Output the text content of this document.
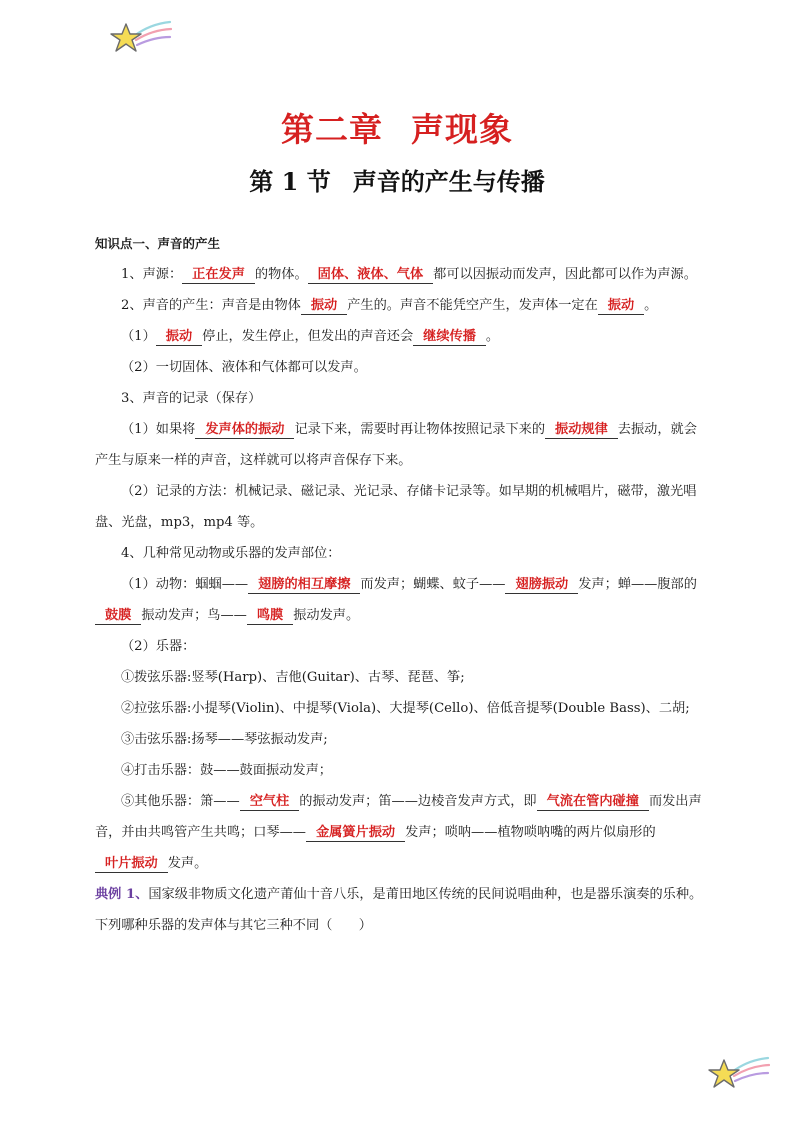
第二章 声现象
第 1 节 声音的产生与传播

知识点一、声音的产生

1、声源： 正在发声 的物体。 固体、液体、气体 都可以因振动而发声，因此都可以作为声源。

2、声音的产生：声音是由物体 振动 产生的。声音不能凭空产生，发声体一定在 振动 。

（1） 振动 停止，发生停止，但发出的声音还会 继续传播 。

（2）一切固体、液体和气体都可以发声。

3、声音的记录（保存）

（1）如果将 发声体的振动 记录下来，需要时再让物体按照记录下来的 振动规律 去振动，就会产生与原来一样的声音，这样就可以将声音保存下来。

（2）记录的方法：机械记录、磁记录、光记录、存储卡记录等。如早期的机械唱片，磁带，激光唱盘、光盘，mp3，mp4 等。

4、几种常见动物或乐器的发声部位：

（1）动物：蝈蝈—— 翅膀的相互摩擦 而发声；蝴蝶、蚊子—— 翅膀振动 发声；蝉——腹部的鼓膜 振动发声；鸟—— 鸣膜 振动发声。

（2）乐器：

①拨弦乐器:竖琴(Harp)、吉他(Guitar)、古琴、琵琶、筝;

②拉弦乐器:小提琴(Violin)、中提琴(Viola)、大提琴(Cello)、倍低音提琴(Double Bass)、二胡;

③击弦乐器:扬琴——琴弦振动发声;

④打击乐器：鼓——鼓面振动发声；

⑤其他乐器：箫—— 空气柱 的振动发声；笛——边棱音发声方式，即 气流在管内碰撞 而发出声音，并由共鸣管产生共鸣；口琴—— 金属簧片振动 发声；唢呐——植物唢呐嘴的两片似扇形的叶片振动 发声。

典例 1、国家级非物质文化遗产莆仙十音八乐，是莆田地区传统的民间说唱曲种，也是器乐演奏的乐种。下列哪种乐器的发声体与其它三种不同（　　）
